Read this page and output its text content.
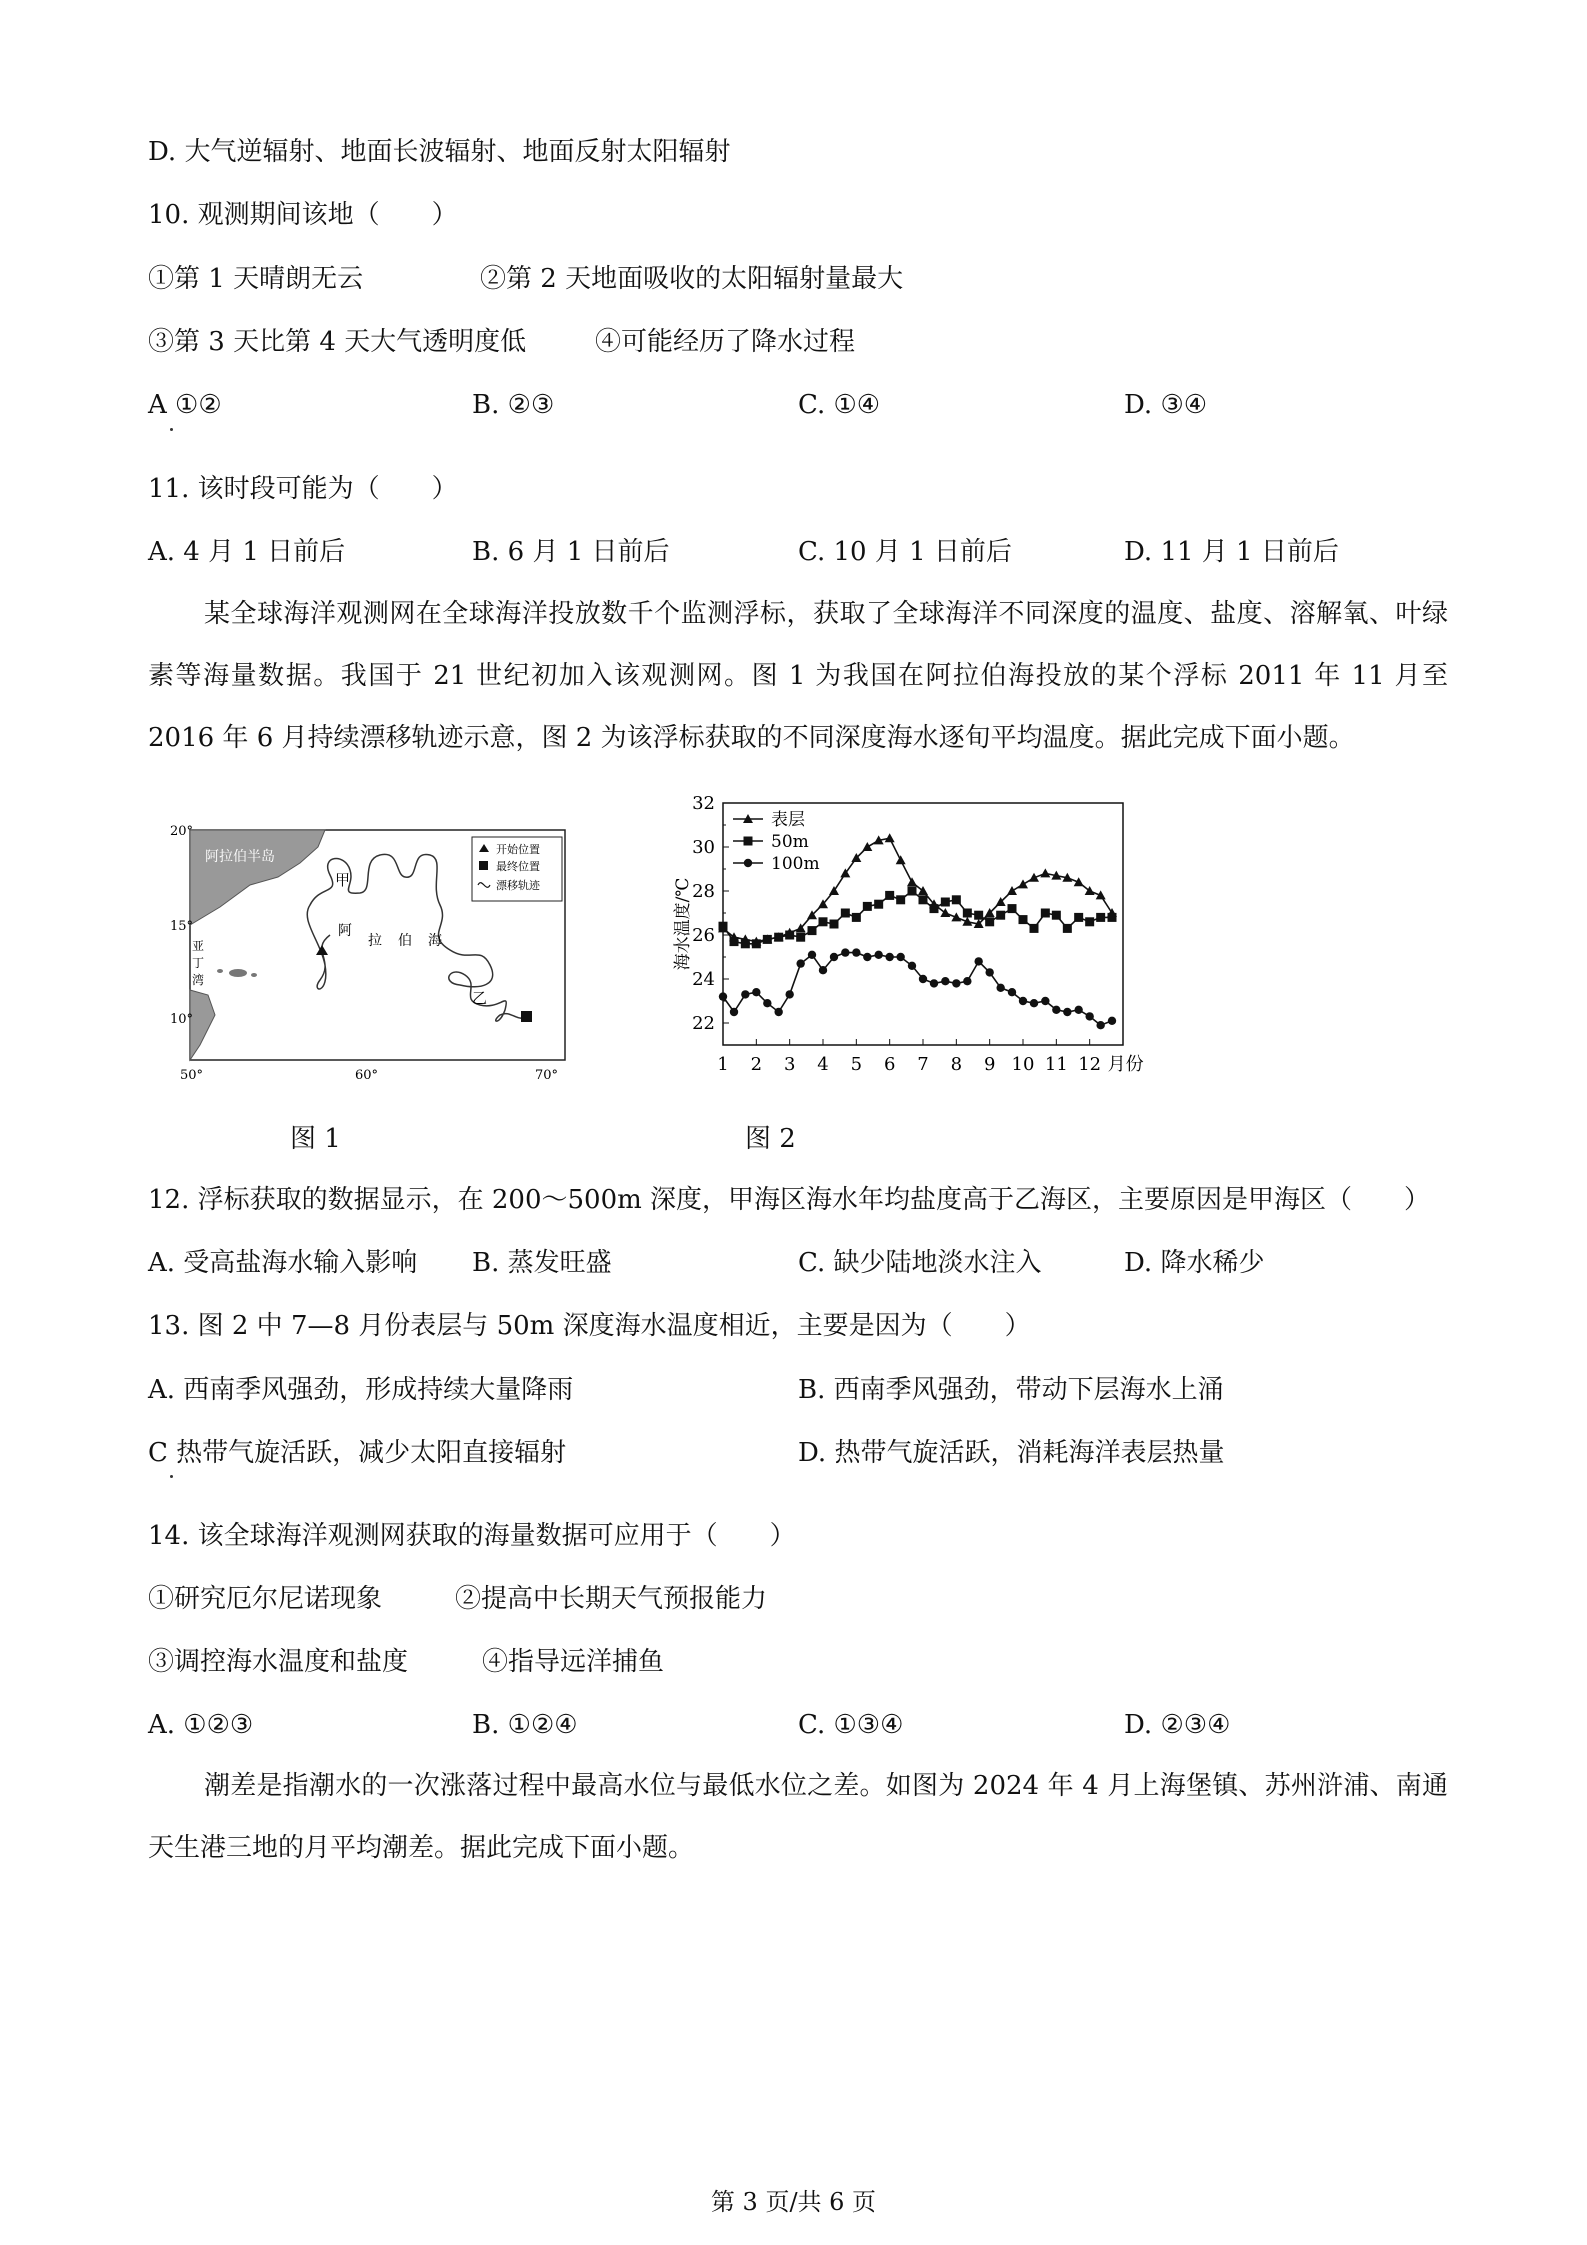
D. 大气逆辐射、地面长波辐射、地面反射太阳辐射
10. 观测期间该地（　　）
①第 1 天晴朗无云	②第 2 天地面吸收的太阳辐射量最大
③第 3 天比第 4 天大气透明度低	④可能经历了降水过程
A ①②	B. ②③	C. ①④	D. ③④
11. 该时段可能为（　　）
A. 4 月 1 日前后	B. 6 月 1 日前后	C. 10 月 1 日前后	D. 11 月 1 日前后
某全球海洋观测网在全球海洋投放数千个监测浮标，获取了全球海洋不同深度的温度、盐度、溶解氧、叶绿素等海量数据。我国于 21 世纪初加入该观测网。图 1 为我国在阿拉伯海投放的某个浮标 2011 年 11 月至 2016 年 6 月持续漂移轨迹示意，图 2 为该浮标获取的不同深度海水逐旬平均温度。据此完成下面小题。
20°
15°
10°
50°	60°	70°
阿拉伯半岛
亚
丁
湾
甲
乙
阿
拉 伯 海
开始位置
最终位置
漂移轨迹
图 1
22
24
26
28
30
32
1 2 3 4 5 6 7 8 9 10 11 12 月份
海水温度/℃
表层
50m
100m
图 2
12. 浮标获取的数据显示，在 200～500m 深度，甲海区海水年均盐度高于乙海区，主要原因是甲海区（　　）
A. 受高盐海水输入影响 B. 蒸发旺盛	C. 缺少陆地淡水注入	D. 降水稀少
13. 图 2 中 7—8 月份表层与 50m 深度海水温度相近，主要是因为（　　）
A. 西南季风强劲，形成持续大量降雨	B. 西南季风强劲，带动下层海水上涌
C 热带气旋活跃，减少太阳直接辐射	D. 热带气旋活跃，消耗海洋表层热量
14. 该全球海洋观测网获取的海量数据可应用于（　　）
①研究厄尔尼诺现象	②提高中长期天气预报能力
③调控海水温度和盐度	④指导远洋捕鱼
A. ①②③	B. ①②④	C. ①③④	D. ②③④
潮差是指潮水的一次涨落过程中最高水位与最低水位之差。如图为 2024 年 4 月上海堡镇、苏州浒浦、南通天生港三地的月平均潮差。据此完成下面小题。
第 3 页/共 6 页
